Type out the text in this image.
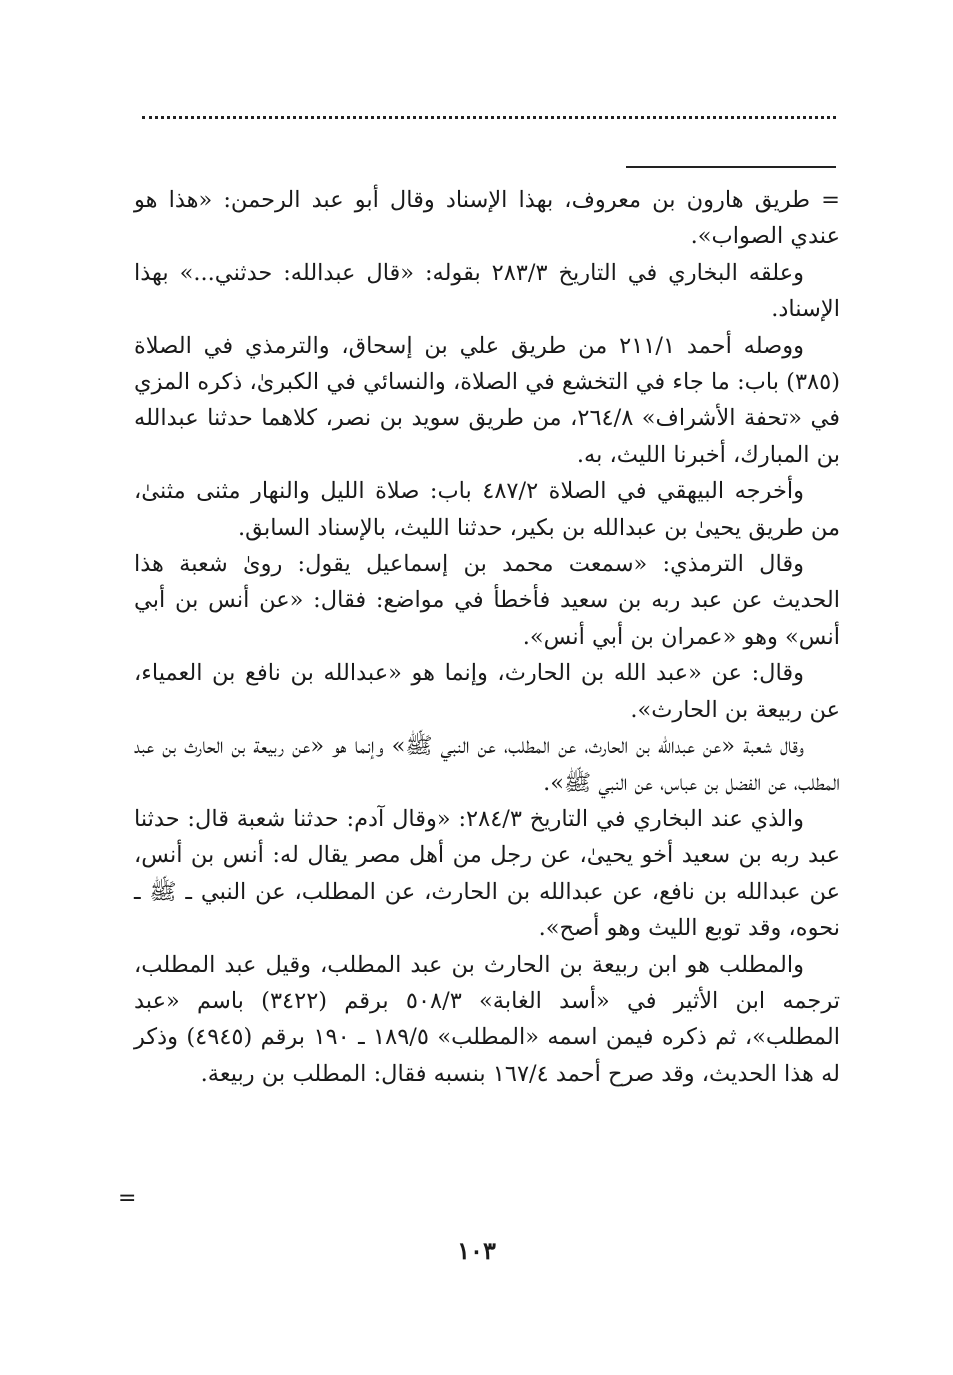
= طريق هارون بن معروف، بهذا الإسناد وقال أبو عبد الرحمن: «هذا هو عندي الصواب».

وعلقه البخاري في التاريخ ٢٨٣/٣ بقوله: «قال عبدالله: حدثني...» بهذا الإسناد.

ووصله أحمد ٢١١/١ من طريق علي بن إسحاق، والترمذي في الصلاة (٣٨٥) باب: ما جاء في التخشع في الصلاة، والنسائي في الكبرىٰ، ذكره المزي في «تحفة الأشراف» ٢٦٤/٨، من طريق سويد بن نصر، كلاهما حدثنا عبدالله بن المبارك، أخبرنا الليث، به.

وأخرجه البيهقي في الصلاة ٤٨٧/٢ باب: صلاة الليل والنهار مثنى مثنىٰ، من طريق يحيىٰ بن عبدالله بن بكير، حدثنا الليث، بالإسناد السابق.

وقال الترمذي: «سمعت محمد بن إسماعيل يقول: روىٰ شعبة هذا الحديث عن عبد ربه بن سعيد فأخطأ في مواضع: فقال: «عن أنس بن أبي أنس» وهو «عمران بن أبي أنس».

وقال: عن «عبد الله بن الحارث، وإنما هو «عبدالله بن نافع بن العمياء، عن ربيعة بن الحارث».

وقال شعبة «عن عبدالله بن الحارث، عن المطلب، عن النبي ﷺ» وإنما هو «عن ربيعة بن الحارث بن عبد المطلب، عن الفضل بن عباس، عن النبي ﷺ».

والذي عند البخاري في التاريخ ٢٨٤/٣: «وقال آدم: حدثنا شعبة قال: حدثنا عبد ربه بن سعيد أخو يحيىٰ، عن رجل من أهل مصر يقال له: أنس بن أنس، عن عبدالله بن نافع، عن عبدالله بن الحارث، عن المطلب، عن النبي ـ ﷺ ـ نحوه، وقد توبع الليث وهو أصح».

والمطلب هو ابن ربيعة بن الحارث بن عبد المطلب، وقيل عبد المطلب، ترجمه ابن الأثير في «أسد الغابة» ٥٠٨/٣ برقم (٣٤٢٢) باسم «عبد المطلب»، ثم ذكره فيمن اسمه «المطلب» ١٨٩/٥ ـ ١٩٠ برقم (٤٩٤٥) وذكر له هذا الحديث، وقد صرح أحمد ١٦٧/٤ بنسبه فقال: المطلب بن ربيعة.

=
١٠٣
